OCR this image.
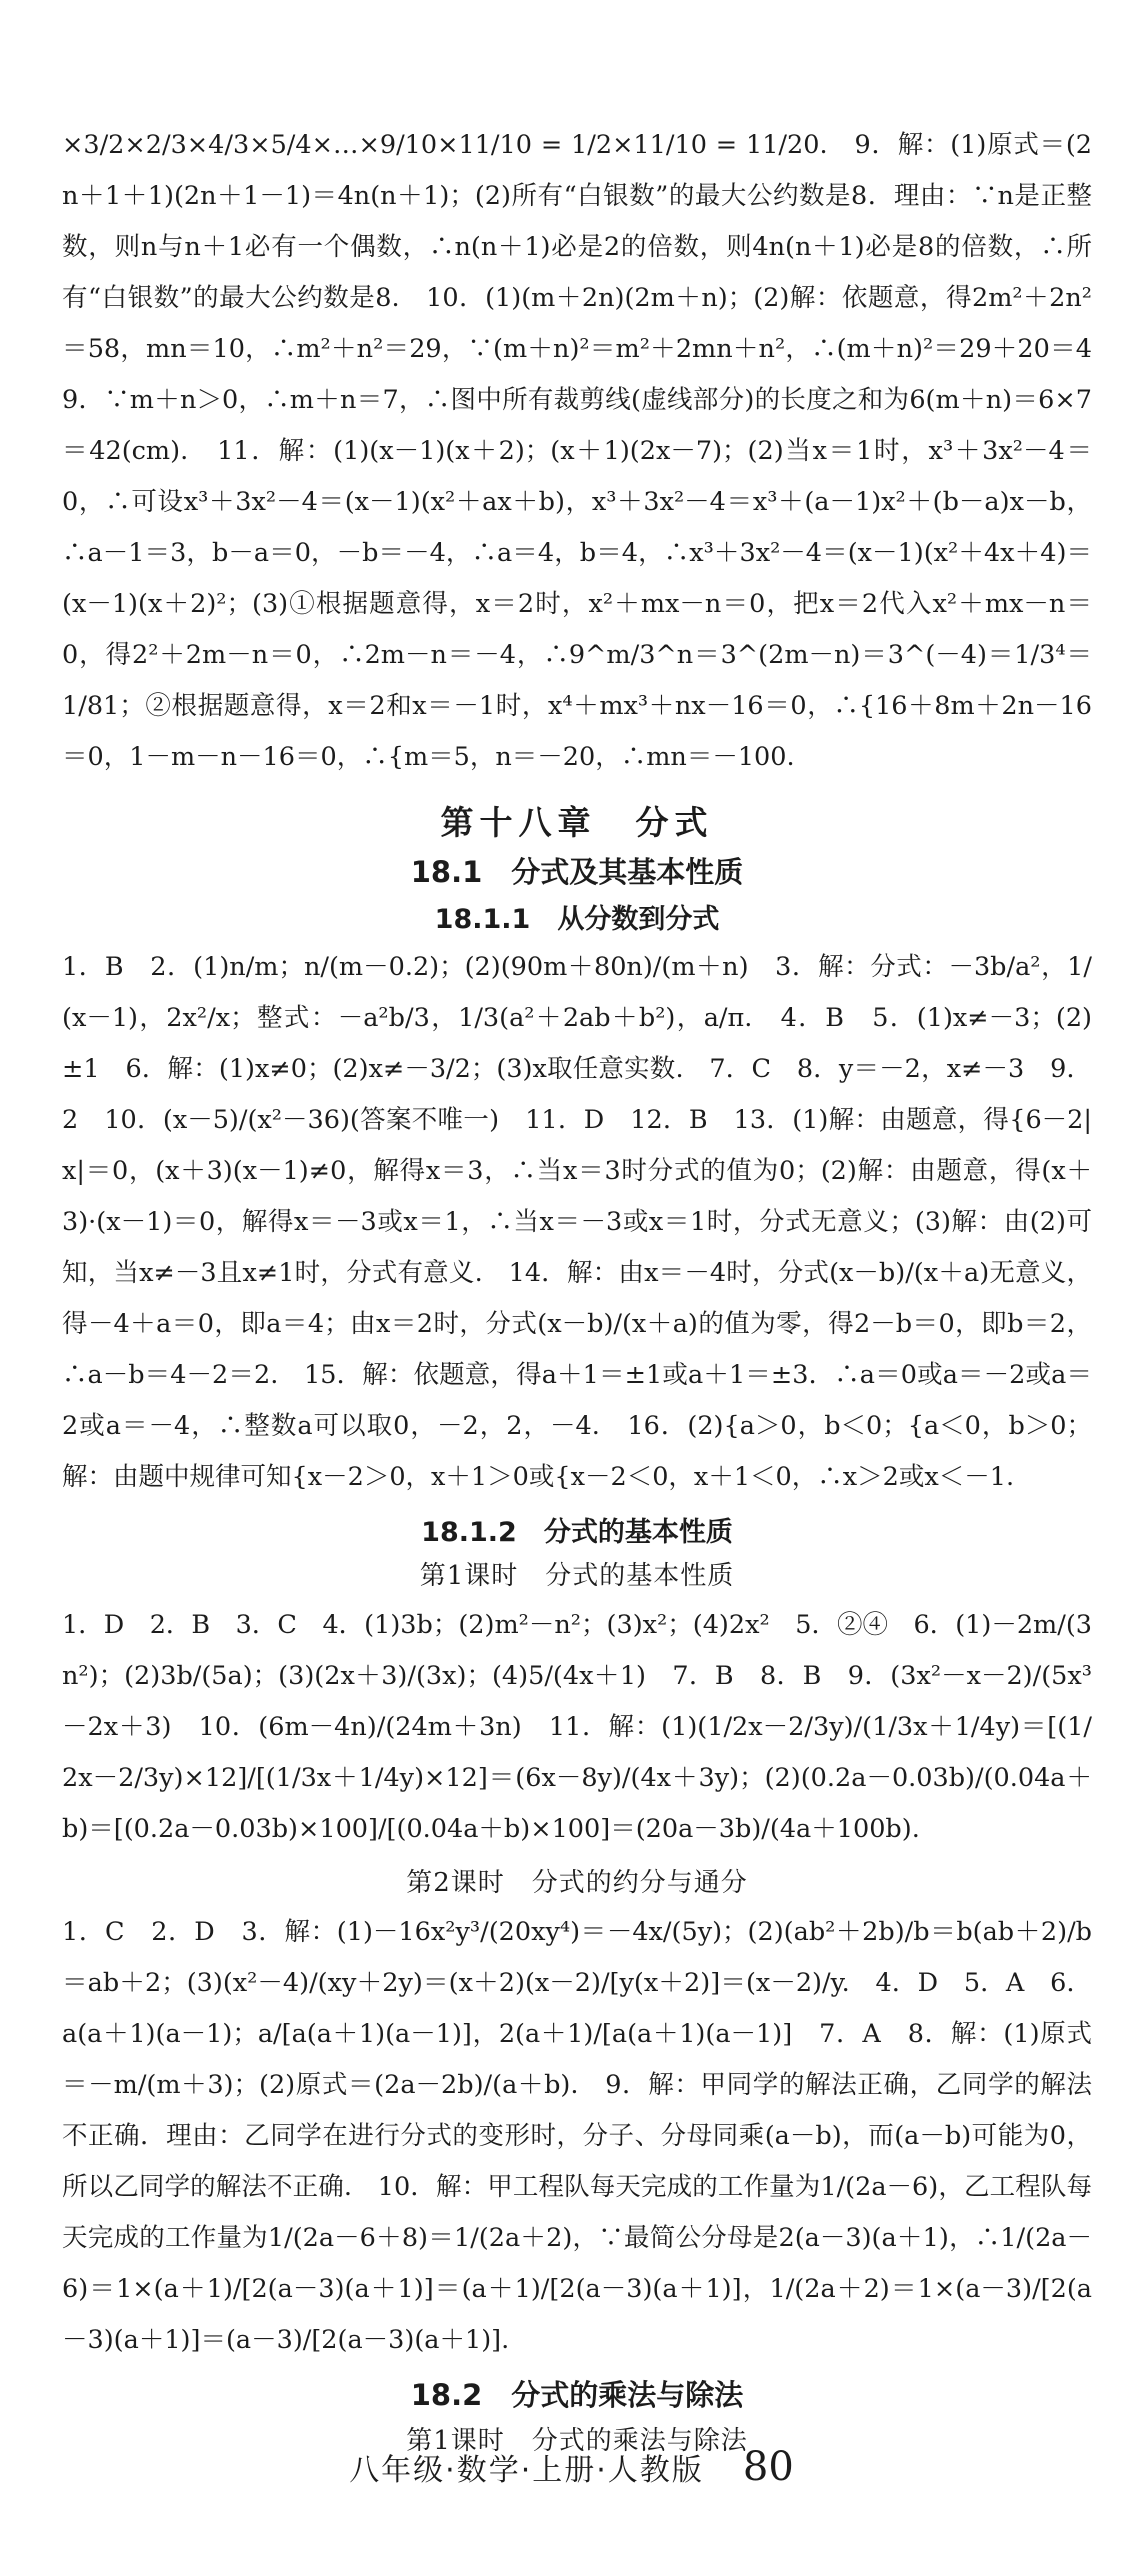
×3/2×2/3×4/3×5/4×…×9/10×11/10 = 1/2×11/10 = 11/20.　9．解：(1)原式＝(2n＋1＋1)(2n＋1－1)＝4n(n＋1)；(2)所有“白银数”的最大公约数是8．理由：∵n是正整数，则n与n＋1必有一个偶数，∴n(n＋1)必是2的倍数，则4n(n＋1)必是8的倍数，∴所有“白银数”的最大公约数是8.　10．(1)(m＋2n)(2m＋n)；(2)解：依题意，得2m²＋2n²＝58，mn＝10，∴m²＋n²＝29，∵(m＋n)²＝m²＋2mn＋n²，∴(m＋n)²＝29＋20＝49．∵m＋n＞0，∴m＋n＝7，∴图中所有裁剪线(虚线部分)的长度之和为6(m＋n)＝6×7＝42(cm).　11．解：(1)(x－1)(x＋2)；(x＋1)(2x－7)；(2)当x＝1时，x³＋3x²－4＝0，∴可设x³＋3x²－4＝(x－1)(x²＋ax＋b)，x³＋3x²－4＝x³＋(a－1)x²＋(b－a)x－b，∴a－1＝3，b－a＝0，－b＝－4，∴a＝4，b＝4，∴x³＋3x²－4＝(x－1)(x²＋4x＋4)＝(x－1)(x＋2)²；(3)①根据题意得，x＝2时，x²＋mx－n＝0，把x＝2代入x²＋mx－n＝0，得2²＋2m－n＝0，∴2m－n＝－4，∴9^m/3^n＝3^(2m－n)＝3^(－4)＝1/3⁴＝1/81；②根据题意得，x＝2和x＝－1时，x⁴＋mx³＋nx－16＝0，∴{16＋8m＋2n－16＝0，1－m－n－16＝0，∴{m＝5，n＝－20，∴mn＝－100.

第十八章　分式
18.1　分式及其基本性质
18.1.1　从分数到分式

1．B　2．(1)n/m；n/(m－0.2)；(2)(90m＋80n)/(m＋n)　3．解：分式：－3b/a²，1/(x－1)，2x²/x；整式：－a²b/3，1/3(a²＋2ab＋b²)，a/π.　4．B　5．(1)x≠－3；(2)±1　6．解：(1)x≠0；(2)x≠－3/2；(3)x取任意实数.　7．C　8．y＝－2，x≠－3　9．2　10．(x－5)/(x²－36)(答案不唯一)　11．D　12．B　13．(1)解：由题意，得{6－2|x|＝0，(x＋3)(x－1)≠0，解得x＝3，∴当x＝3时分式的值为0；(2)解：由题意，得(x＋3)·(x－1)＝0，解得x＝－3或x＝1，∴当x＝－3或x＝1时，分式无意义；(3)解：由(2)可知，当x≠－3且x≠1时，分式有意义.　14．解：由x＝－4时，分式(x－b)/(x＋a)无意义，得－4＋a＝0，即a＝4；由x＝2时，分式(x－b)/(x＋a)的值为零，得2－b＝0，即b＝2，∴a－b＝4－2＝2.　15．解：依题意，得a＋1＝±1或a＋1＝±3．∴a＝0或a＝－2或a＝2或a＝－4，∴整数a可以取0，－2，2，－4.　16．(2){a＞0，b＜0；{a＜0，b＞0；解：由题中规律可知{x－2＞0，x＋1＞0或{x－2＜0，x＋1＜0，∴x＞2或x＜－1.

18.1.2　分式的基本性质
第1课时　分式的基本性质

1．D　2．B　3．C　4．(1)3b；(2)m²－n²；(3)x²；(4)2x²　5．②④　6．(1)－2m/(3n²)；(2)3b/(5a)；(3)(2x＋3)/(3x)；(4)5/(4x＋1)　7．B　8．B　9．(3x²－x－2)/(5x³－2x＋3)　10．(6m－4n)/(24m＋3n)　11．解：(1)(1/2x－2/3y)/(1/3x＋1/4y)＝[(1/2x－2/3y)×12]/[(1/3x＋1/4y)×12]＝(6x－8y)/(4x＋3y)；(2)(0.2a－0.03b)/(0.04a＋b)＝[(0.2a－0.03b)×100]/[(0.04a＋b)×100]＝(20a－3b)/(4a＋100b).

第2课时　分式的约分与通分

1．C　2．D　3．解：(1)－16x²y³/(20xy⁴)＝－4x/(5y)；(2)(ab²＋2b)/b＝b(ab＋2)/b＝ab＋2；(3)(x²－4)/(xy＋2y)＝(x＋2)(x－2)/[y(x＋2)]＝(x－2)/y.　4．D　5．A　6．a(a＋1)(a－1)；a/[a(a＋1)(a－1)]，2(a＋1)/[a(a＋1)(a－1)]　7．A　8．解：(1)原式＝－m/(m＋3)；(2)原式＝(2a－2b)/(a＋b).　9．解：甲同学的解法正确，乙同学的解法不正确．理由：乙同学在进行分式的变形时，分子、分母同乘(a－b)，而(a－b)可能为0，所以乙同学的解法不正确.　10．解：甲工程队每天完成的工作量为1/(2a－6)，乙工程队每天完成的工作量为1/(2a－6＋8)＝1/(2a＋2)，∵最简公分母是2(a－3)(a＋1)，∴1/(2a－6)＝1×(a＋1)/[2(a－3)(a＋1)]＝(a＋1)/[2(a－3)(a＋1)]，1/(2a＋2)＝1×(a－3)/[2(a－3)(a＋1)]＝(a－3)/[2(a－3)(a＋1)].

18.2　分式的乘法与除法
第1课时　分式的乘法与除法
八年级·数学·上册·人教版 80
